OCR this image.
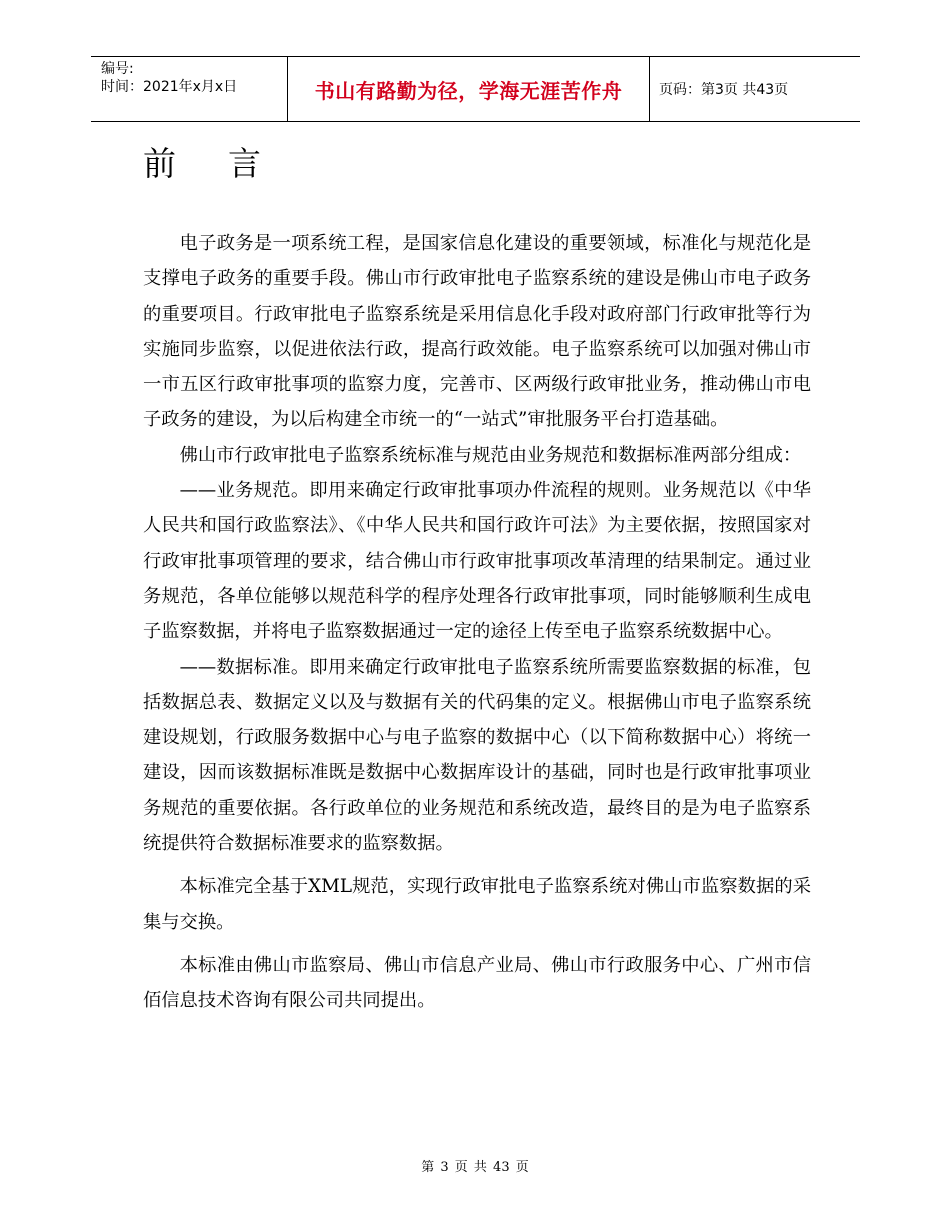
编号:
时间：2021年x月x日	书山有路勤为径，学海无涯苦作舟	页码：第3页 共43页
前 言

电子政务是一项系统工程，是国家信息化建设的重要领域，标准化与规范化是支撑电子政务的重要手段。佛山市行政审批电子监察系统的建设是佛山市电子政务的重要项目。行政审批电子监察系统是采用信息化手段对政府部门行政审批等行为实施同步监察，以促进依法行政，提高行政效能。电子监察系统可以加强对佛山市一市五区行政审批事项的监察力度，完善市、区两级行政审批业务，推动佛山市电子政务的建设，为以后构建全市统一的“一站式”审批服务平台打造基础。

佛山市行政审批电子监察系统标准与规范由业务规范和数据标准两部分组成：

——业务规范。即用来确定行政审批事项办件流程的规则。业务规范以《中华人民共和国行政监察法》、《中华人民共和国行政许可法》为主要依据，按照国家对行政审批事项管理的要求，结合佛山市行政审批事项改革清理的结果制定。通过业务规范，各单位能够以规范科学的程序处理各行政审批事项，同时能够顺利生成电子监察数据，并将电子监察数据通过一定的途径上传至电子监察系统数据中心。

——数据标准。即用来确定行政审批电子监察系统所需要监察数据的标准，包括数据总表、数据定义以及与数据有关的代码集的定义。根据佛山市电子监察系统建设规划，行政服务数据中心与电子监察的数据中心（以下简称数据中心）将统一建设，因而该数据标准既是数据中心数据库设计的基础，同时也是行政审批事项业务规范的重要依据。各行政单位的业务规范和系统改造，最终目的是为电子监察系统提供符合数据标准要求的监察数据。

本标准完全基于XML规范，实现行政审批电子监察系统对佛山市监察数据的采集与交换。

本标准由佛山市监察局、佛山市信息产业局、佛山市行政服务中心、广州市信佰信息技术咨询有限公司共同提出。

第 3 页 共 43 页
